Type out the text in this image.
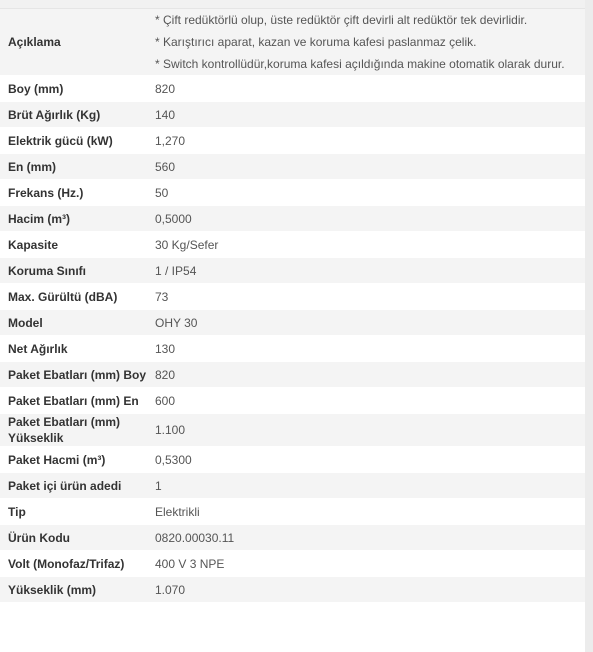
Açıklama	* Çift redüktörlü olup, üste redüktör çift devirli alt redüktör tek devirlidir.
* Karıştırıcı aparat, kazan ve koruma kafesi paslanmaz çelik.
* Switch kontrollüdür,koruma kafesi açıldığında makine otomatik olarak durur.

Boy (mm)	820
Brüt Ağırlık (Kg)	140
Elektrik gücü (kW)	1,270
En (mm)	560
Frekans (Hz.)	50
Hacim (m³)	0,5000
Kapasite	30 Kg/Sefer
Koruma Sınıfı	1 / IP54
Max. Gürültü (dBA)	73
Model	OHY 30
Net Ağırlık	130
Paket Ebatları (mm) Boy	820
Paket Ebatları (mm) En	600
Paket Ebatları (mm) Yükseklik	1.100
Paket Hacmi (m³)	0,5300
Paket içi ürün adedi	1
Tip	Elektrikli
Ürün Kodu	0820.00030.11
Volt (Monofaz/Trifaz)	400 V 3 NPE
Yükseklik (mm)	1.070
